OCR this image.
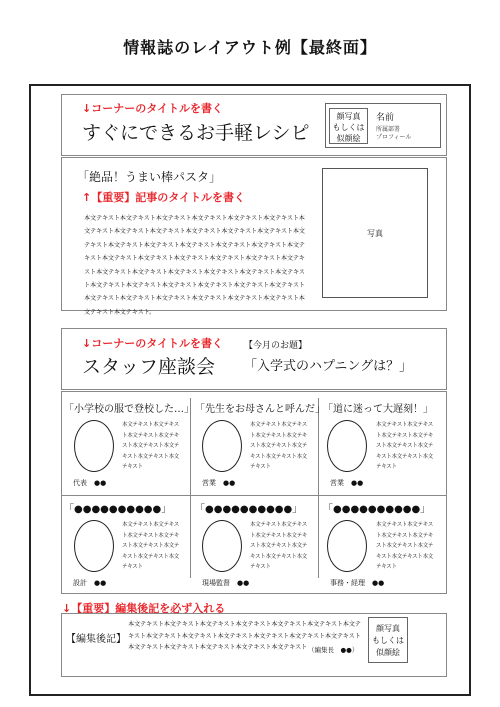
情報誌のレイアウト例【最終面】
↓コーナーのタイトルを書く
すぐにできるお手軽レシピ
顔写真
もしくは
似顔絵
名前
所属部署
プロフィール
「絶品！うまい棒パスタ」
↑【重要】記事のタイトルを書く
本文テキスト本文テキスト本文テキスト本文テキスト本文テキスト本文テキスト本文テキスト本文テキスト本文テキスト本文テキスト本文テキスト本文テキスト本文テキスト本文テキスト本文テキスト本文テキスト本文テキスト本文テキスト本文テキスト本文テキスト本文テキスト本文テキスト本文テキスト本文テキスト本文テキスト本文テキスト本文テキスト本文テキスト本文テキスト本文テキスト本文テキスト本文テキスト本文テキスト本文テキスト本文テキスト本文テキスト本文テキスト本文テキスト本文テキスト本文テキスト本文テキスト本文テキスト本文テキスト本文テキスト本文テキスト。
写真
↓コーナーのタイトルを書く
スタッフ座談会
【今月のお題】
「入学式のハプニングは？」
「小学校の服で登校した…」
本文テキスト本文テキスト本文テキスト本文テキスト本文テキスト本文テキスト本文テキスト本文テキスト
代表　●●
「先生をお母さんと呼んだ」
本文テキスト本文テキスト本文テキスト本文テキスト本文テキスト本文テキスト本文テキスト本文テキスト
営業　●●
「道に迷って大遅刻！」
本文テキスト本文テキスト本文テキスト本文テキスト本文テキスト本文テキスト本文テキスト本文テキスト
営業　●●
「●●●●●●●●●●」
本文テキスト本文テキスト本文テキスト本文テキスト本文テキスト本文テキスト本文テキスト本文テキスト
設計　●●
「●●●●●●●●●●」
本文テキスト本文テキスト本文テキスト本文テキスト本文テキスト本文テキスト本文テキスト本文テキスト
現場監督　●●
「●●●●●●●●●●」
本文テキスト本文テキスト本文テキスト本文テキスト本文テキスト本文テキスト本文テキスト本文テキスト
事務・経理　●●
↓【重要】編集後記を必ず入れる
【編集後記】
本文テキスト本文テキスト本文テキスト本文テキスト本文テキスト本文テキスト本文テキスト本文テキスト本文テキスト本文テキスト本文テキスト本文テキスト本文テキスト本文テキスト本文テキスト本文テキスト本文テキスト本文テキスト （編集長　●●）
顔写真
もしくは
似顔絵
